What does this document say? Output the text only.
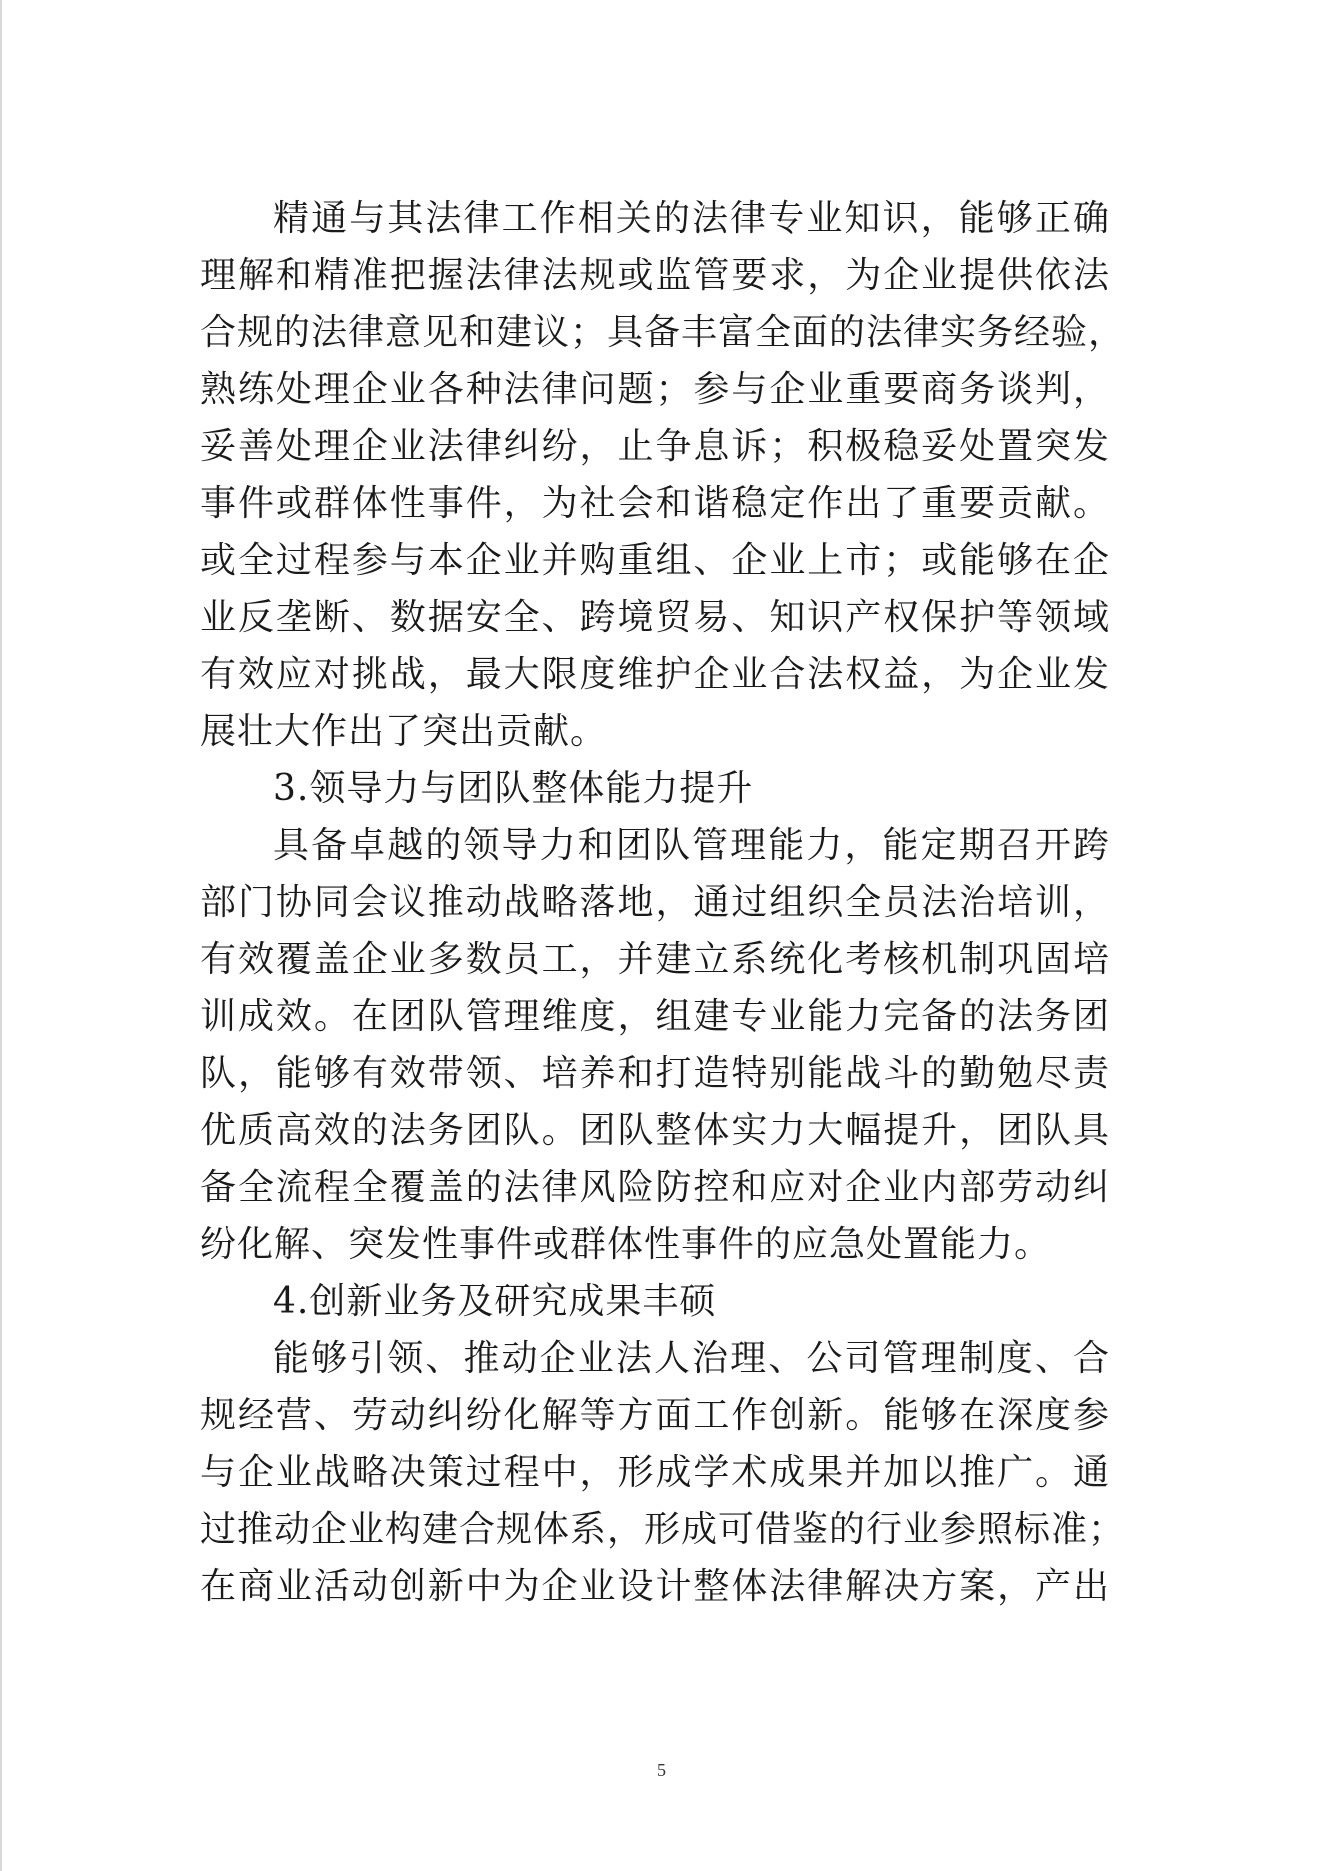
精通与其法律工作相关的法律专业知识，能够正确
理解和精准把握法律法规或监管要求，为企业提供依法
合规的法律意见和建议；具备丰富全面的法律实务经验，
熟练处理企业各种法律问题；参与企业重要商务谈判，
妥善处理企业法律纠纷，止争息诉；积极稳妥处置突发
事件或群体性事件，为社会和谐稳定作出了重要贡献。
或全过程参与本企业并购重组、企业上市；或能够在企
业反垄断、数据安全、跨境贸易、知识产权保护等领域
有效应对挑战，最大限度维护企业合法权益，为企业发
展壮大作出了突出贡献。
3.领导力与团队整体能力提升
具备卓越的领导力和团队管理能力，能定期召开跨
部门协同会议推动战略落地，通过组织全员法治培训，
有效覆盖企业多数员工，并建立系统化考核机制巩固培
训成效。在团队管理维度，组建专业能力完备的法务团
队，能够有效带领、培养和打造特别能战斗的勤勉尽责
优质高效的法务团队。团队整体实力大幅提升，团队具
备全流程全覆盖的法律风险防控和应对企业内部劳动纠
纷化解、突发性事件或群体性事件的应急处置能力。
4.创新业务及研究成果丰硕
能够引领、推动企业法人治理、公司管理制度、合
规经营、劳动纠纷化解等方面工作创新。能够在深度参
与企业战略决策过程中，形成学术成果并加以推广。通
过推动企业构建合规体系，形成可借鉴的行业参照标准；
在商业活动创新中为企业设计整体法律解决方案，产出
5
